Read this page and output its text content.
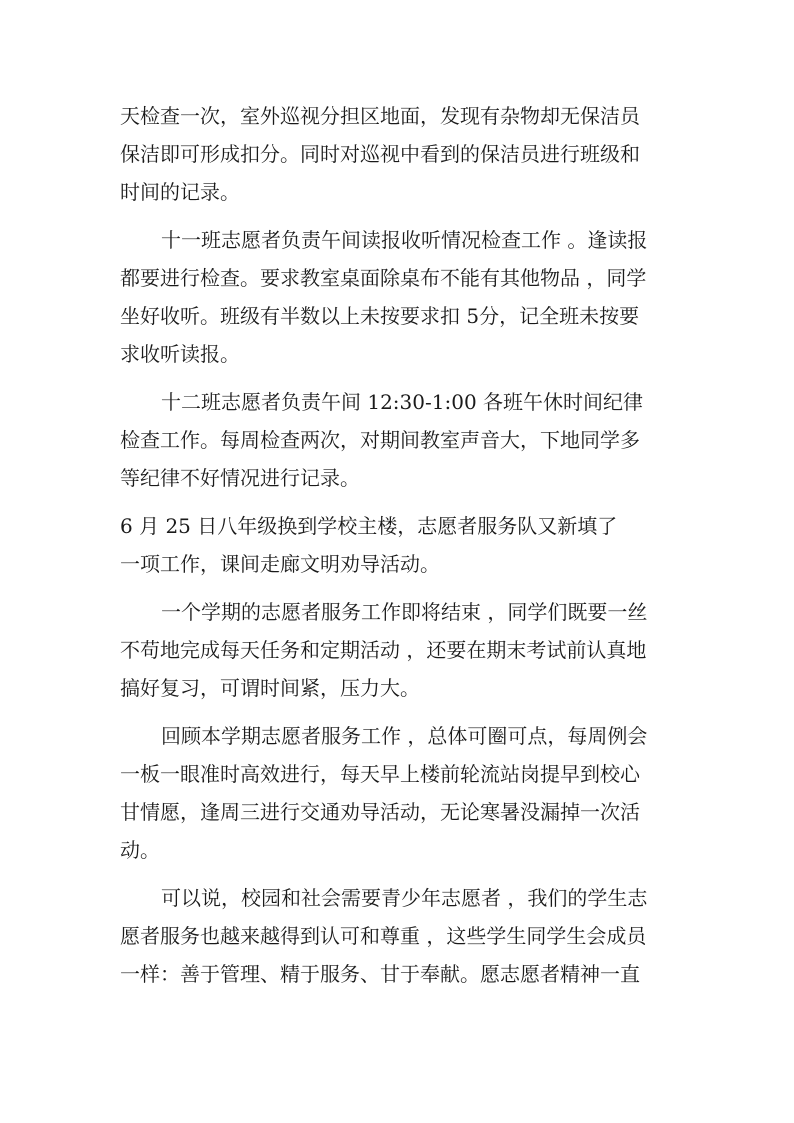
天检查一次，室外巡视分担区地面，发现有杂物却无保洁员
保洁即可形成扣分。同时对巡视中看到的保洁员进行班级和
时间的记录。
十一班志愿者负责午间读报收听情况检查工作 。逢读报
都要进行检查。要求教室桌面除桌布不能有其他物品 ，同学
坐好收听。班级有半数以上未按要求扣 5分，记全班未按要
求收听读报。
十二班志愿者负责午间 12:30-1:00 各班午休时间纪律
检查工作。每周检查两次，对期间教室声音大，下地同学多
等纪律不好情况进行记录。
6 月 25 日八年级换到学校主楼，志愿者服务队又新填了
一项工作，课间走廊文明劝导活动。
一个学期的志愿者服务工作即将结束 ，同学们既要一丝
不苟地完成每天任务和定期活动 ，还要在期末考试前认真地
搞好复习，可谓时间紧，压力大。
回顾本学期志愿者服务工作 ，总体可圈可点，每周例会
一板一眼准时高效进行，每天早上楼前轮流站岗提早到校心
甘情愿，逢周三进行交通劝导活动，无论寒暑没漏掉一次活
动。
可以说，校园和社会需要青少年志愿者 ，我们的学生志
愿者服务也越来越得到认可和尊重 ，这些学生同学生会成员
一样：善于管理、精于服务、甘于奉献。愿志愿者精神一直
